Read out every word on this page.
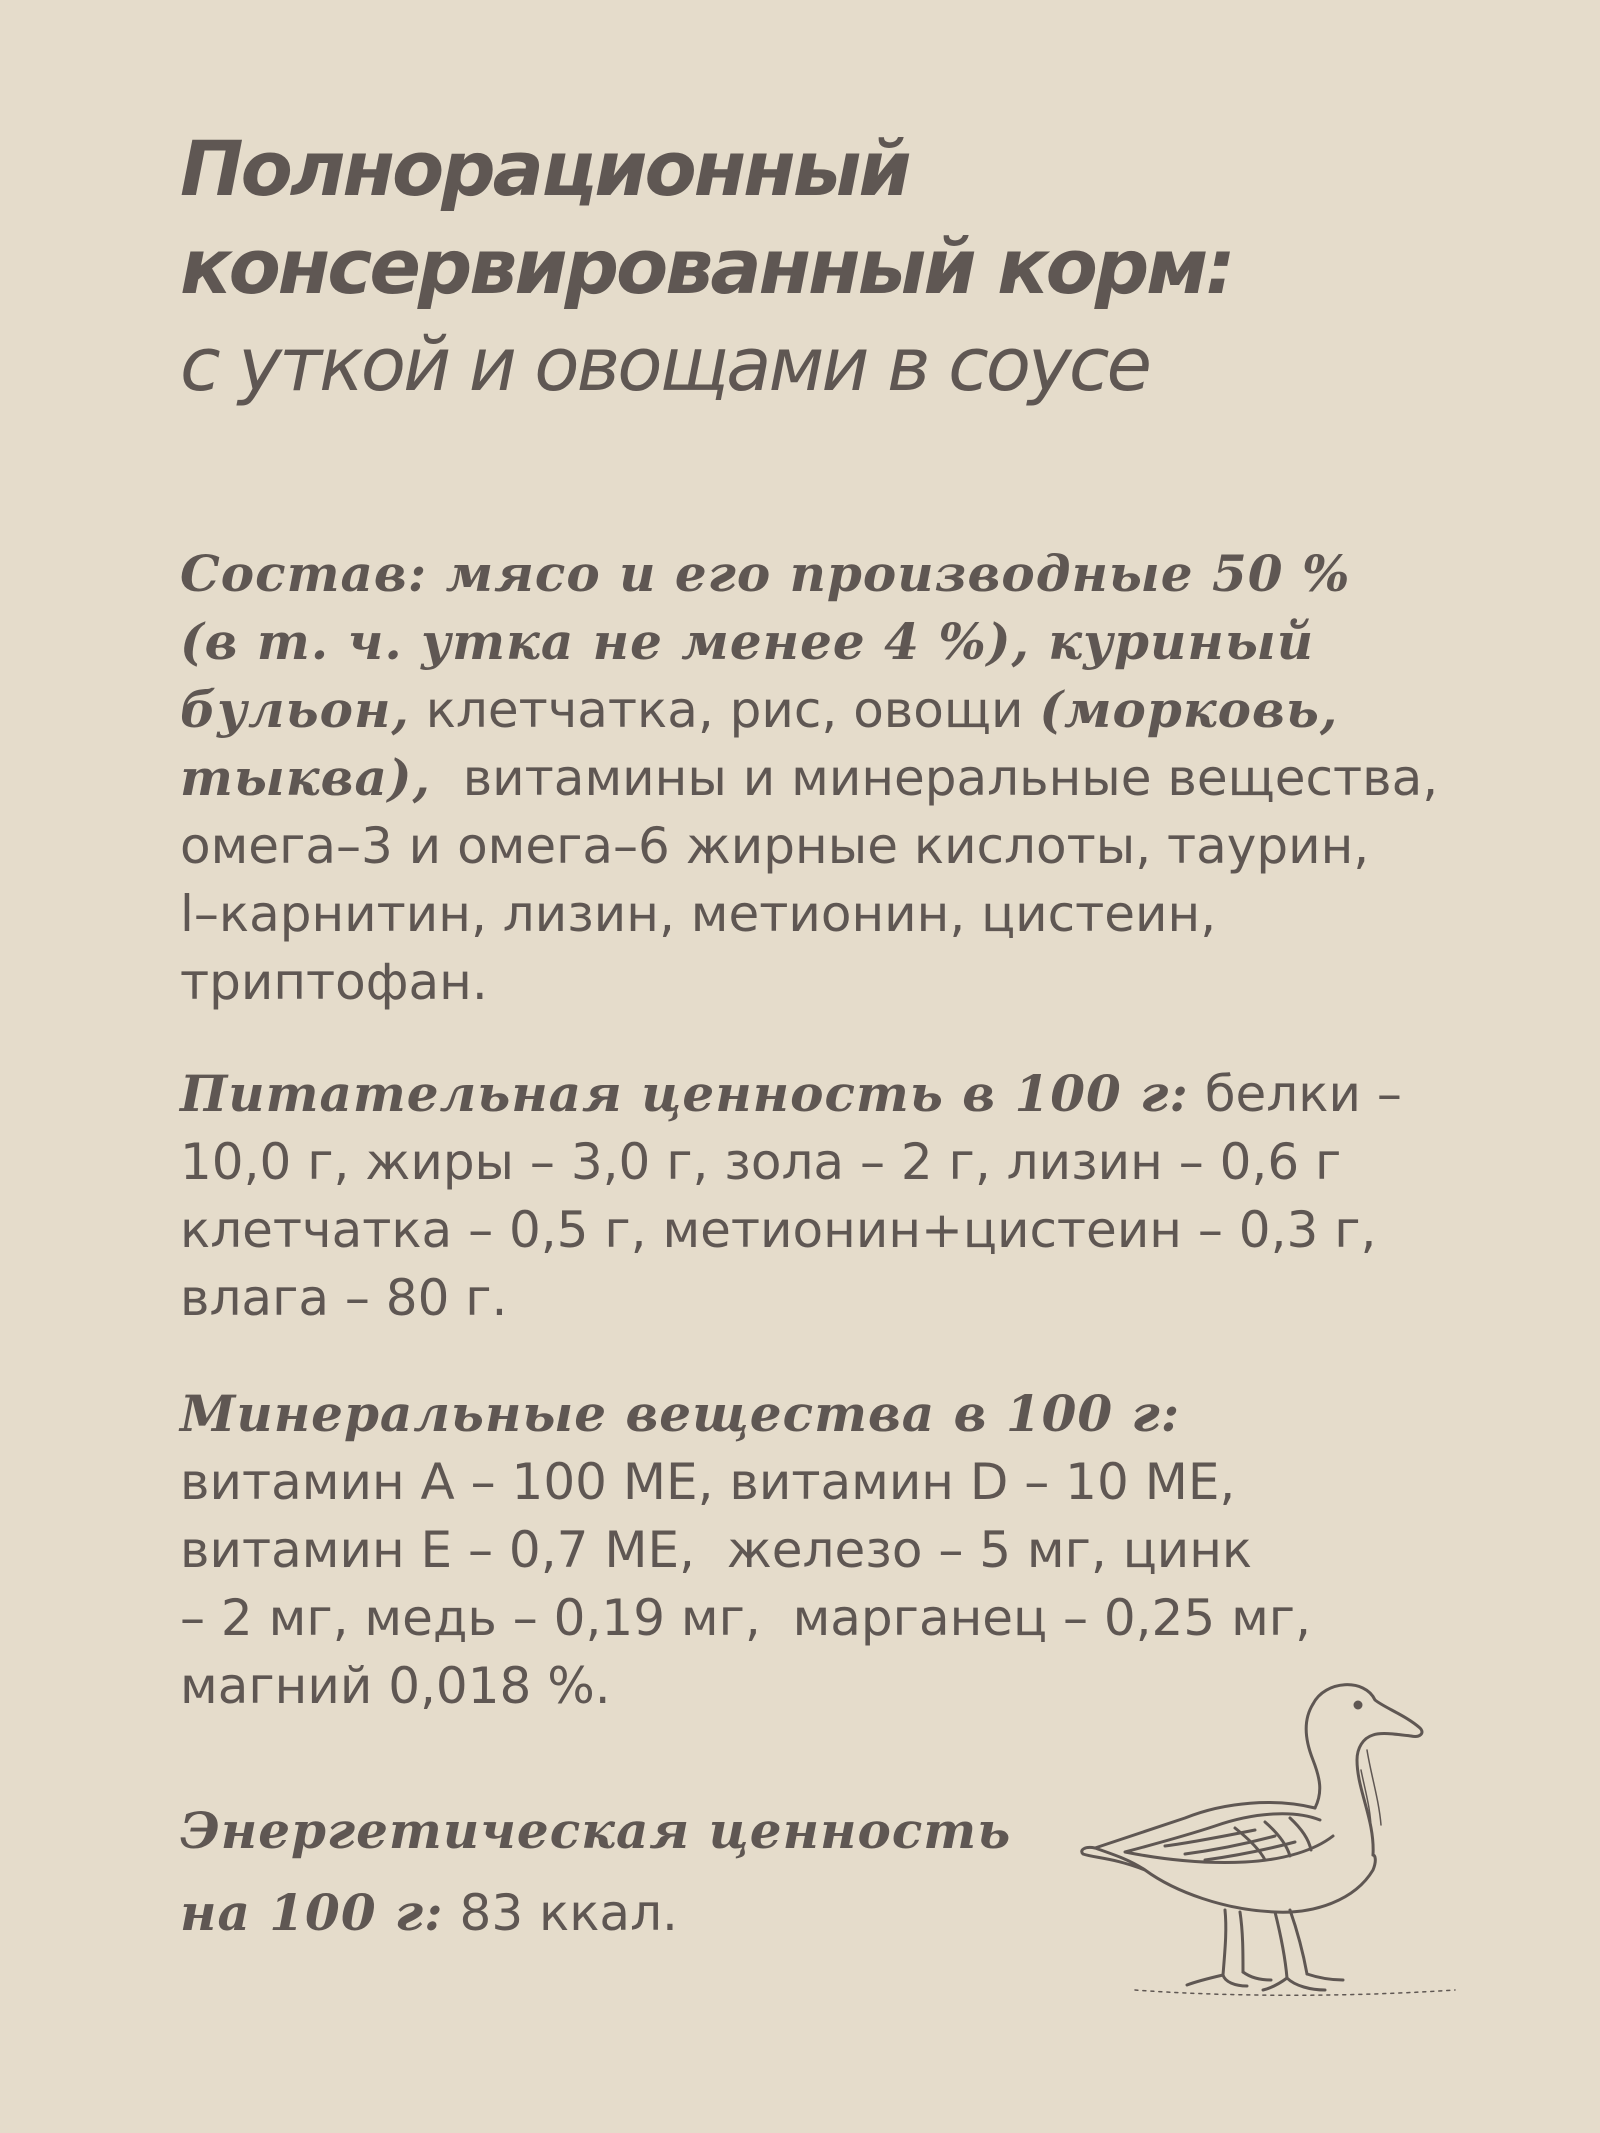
Полнорационный

консервированный корм:

с уткой и овощами в соусе

Состав: мясо и его производные 50 %
(в т. ч. утка не менее 4 %), куриный
бульон, клетчатка, рис, овощи (морковь,
тыква),  витамины и минеральные вещества,
омега–3 и омега–6 жирные кислоты, таурин,
l–карнитин, лизин, метионин, цистеин,
триптофан.
Питательная ценность в 100 г: белки –
10,0 г, жиры – 3,0 г, зола – 2 г, лизин – 0,6 г
клетчатка – 0,5 г, метионин+цистеин – 0,3 г,
влага – 80 г.
Минеральные вещества в 100 г:
витамин А – 100 МЕ, витамин D – 10 МЕ,
витамин Е – 0,7 МЕ,  железо – 5 мг, цинк
– 2 мг, медь – 0,19 мг,  марганец – 0,25 мг,
магний 0,018 %.
Энергетическая ценность
на 100 г: 83 ккал.
